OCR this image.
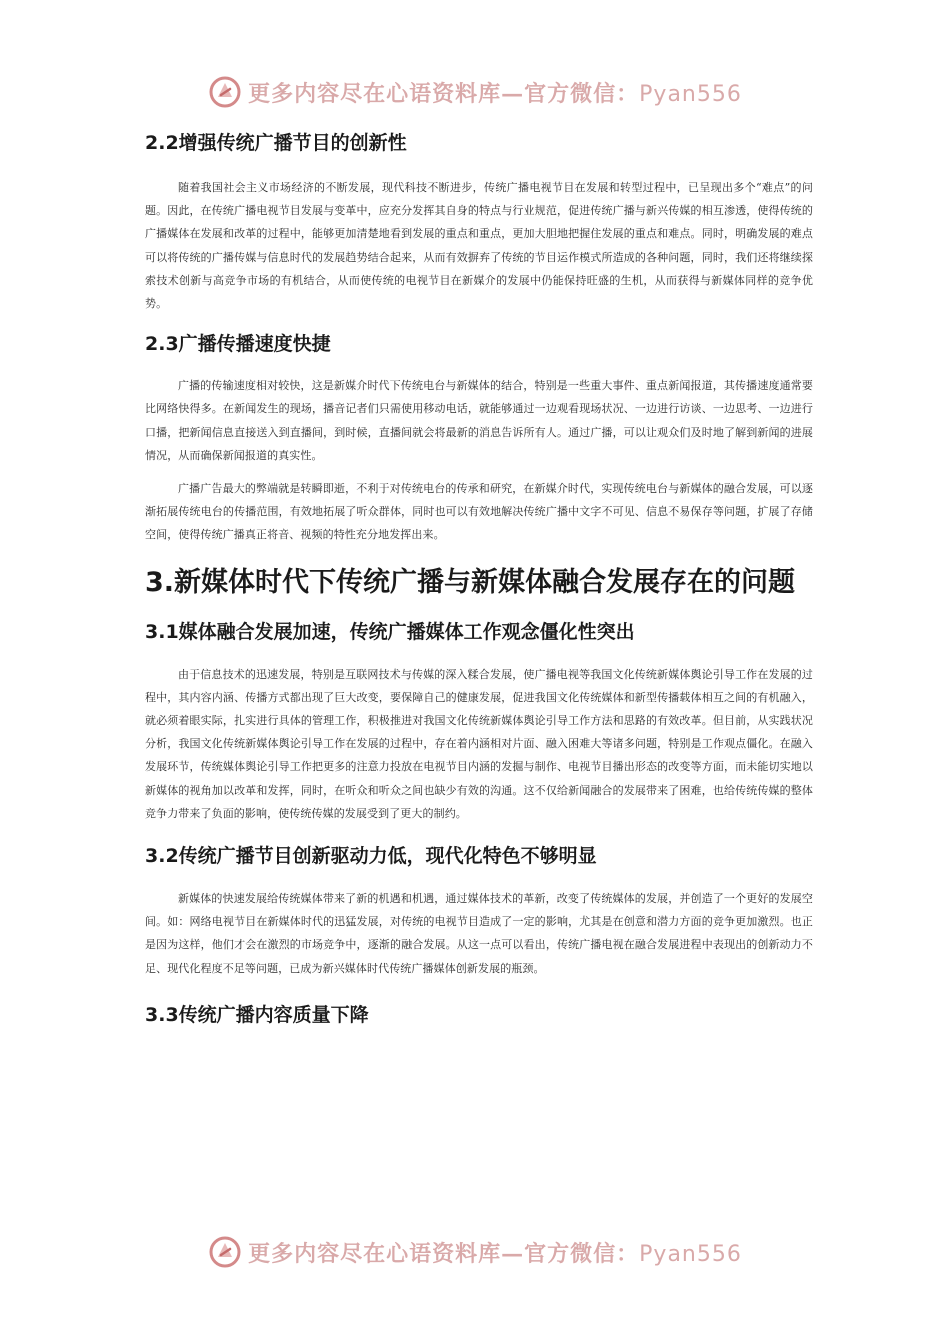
更多内容尽在心语资料库—官方微信：Pyan556
2.2增强传统广播节目的创新性

随着我国社会主义市场经济的不断发展，现代科技不断进步，传统广播电视节目在发展和转型过程中，已呈现出多个“难点”的问题。因此，在传统广播电视节目发展与变革中，应充分发挥其自身的特点与行业规范，促进传统广播与新兴传媒的相互渗透，使得传统的广播媒体在发展和改革的过程中，能够更加清楚地看到发展的重点和重点，更加大胆地把握住发展的重点和难点。同时，明确发展的难点可以将传统的广播传媒与信息时代的发展趋势结合起来，从而有效摒弃了传统的节目运作模式所造成的各种问题，同时，我们还将继续探索技术创新与高竞争市场的有机结合，从而使传统的电视节目在新媒介的发展中仍能保持旺盛的生机，从而获得与新媒体同样的竞争优势。

2.3广播传播速度快捷

广播的传输速度相对较快，这是新媒介时代下传统电台与新媒体的结合，特别是一些重大事件、重点新闻报道，其传播速度通常要比网络快得多。在新闻发生的现场，播音记者们只需使用移动电话，就能够通过一边观看现场状况、一边进行访谈、一边思考、一边进行口播，把新闻信息直接送入到直播间，到时候，直播间就会将最新的消息告诉所有人。通过广播，可以让观众们及时地了解到新闻的进展情况，从而确保新闻报道的真实性。

广播广告最大的弊端就是转瞬即逝，不利于对传统电台的传承和研究，在新媒介时代，实现传统电台与新媒体的融合发展，可以逐渐拓展传统电台的传播范围，有效地拓展了听众群体，同时也可以有效地解决传统广播中文字不可见、信息不易保存等问题，扩展了存储空间，使得传统广播真正将音、视频的特性充分地发挥出来。

3.新媒体时代下传统广播与新媒体融合发展存在的问题
3.1媒体融合发展加速，传统广播媒体工作观念僵化性突出

由于信息技术的迅速发展，特别是互联网技术与传媒的深入糅合发展，使广播电视等我国文化传统新媒体舆论引导工作在发展的过程中，其内容内涵、传播方式都出现了巨大改变，要保障自己的健康发展，促进我国文化传统媒体和新型传播载体相互之间的有机融入，就必须着眼实际，扎实进行具体的管理工作，积极推进对我国文化传统新媒体舆论引导工作方法和思路的有效改革。但目前，从实践状况分析，我国文化传统新媒体舆论引导工作在发展的过程中，存在着内涵相对片面、融入困难大等诸多问题，特别是工作观点僵化。在融入发展环节，传统媒体舆论引导工作把更多的注意力投放在电视节目内涵的发掘与制作、电视节目播出形态的改变等方面，而未能切实地以新媒体的视角加以改革和发挥，同时，在听众和听众之间也缺少有效的沟通。这不仅给新闻融合的发展带来了困难，也给传统传媒的整体竞争力带来了负面的影响，使传统传媒的发展受到了更大的制约。

3.2传统广播节目创新驱动力低，现代化特色不够明显

新媒体的快速发展给传统媒体带来了新的机遇和机遇，通过媒体技术的革新，改变了传统媒体的发展，并创造了一个更好的发展空间。如：网络电视节目在新媒体时代的迅猛发展，对传统的电视节目造成了一定的影响，尤其是在创意和潜力方面的竞争更加激烈。也正是因为这样，他们才会在激烈的市场竞争中，逐渐的融合发展。从这一点可以看出，传统广播电视在融合发展进程中表现出的创新动力不足、现代化程度不足等问题，已成为新兴媒体时代传统广播媒体创新发展的瓶颈。

3.3传统广播内容质量下降
更多内容尽在心语资料库—官方微信：Pyan556
